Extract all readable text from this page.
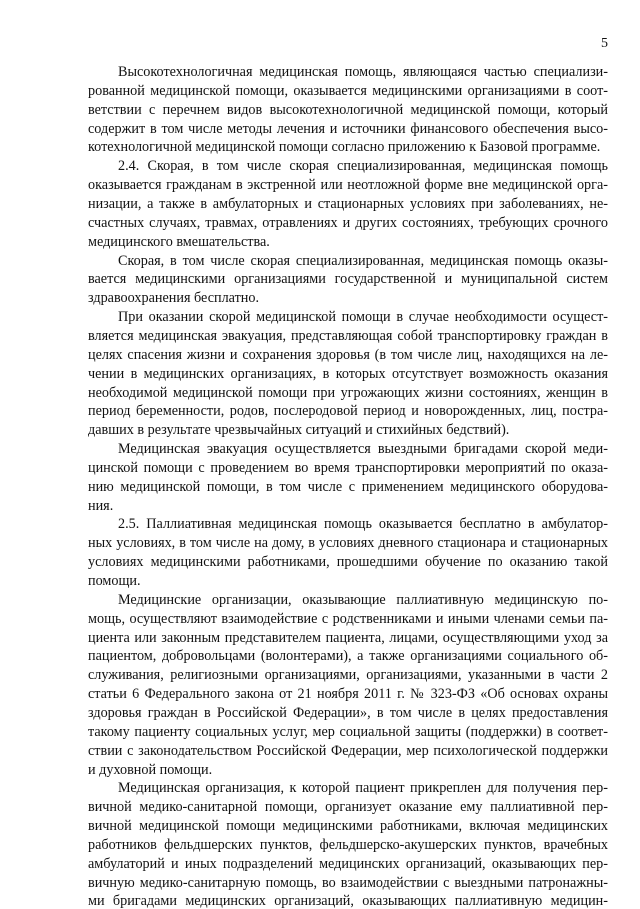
5
Высокотехнологичная медицинская помощь, являющаяся частью специализи-
рованной медицинской помощи, оказывается медицинскими организациями в соот-
ветствии с перечнем видов высокотехнологичной медицинской помощи, который
содержит в том числе методы лечения и источники финансового обеспечения высо-
котехнологичной медицинской помощи согласно приложению к Базовой программе.
2.4. Скорая, в том числе скорая специализированная, медицинская помощь
оказывается гражданам в экстренной или неотложной форме вне медицинской орга-
низации, а также в амбулаторных и стационарных условиях при заболеваниях, не-
счастных случаях, травмах, отравлениях и других состояниях, требующих срочного
медицинского вмешательства.
Скорая, в том числе скорая специализированная, медицинская помощь оказы-
вается медицинскими организациями государственной и муниципальной систем
здравоохранения бесплатно.
При оказании скорой медицинской помощи в случае необходимости осущест-
вляется медицинская эвакуация, представляющая собой транспортировку граждан в
целях спасения жизни и сохранения здоровья (в том числе лиц, находящихся на ле-
чении в медицинских организациях, в которых отсутствует возможность оказания
необходимой медицинской помощи при угрожающих жизни состояниях, женщин в
период беременности, родов, послеродовой период и новорожденных, лиц, постра-
давших в результате чрезвычайных ситуаций и стихийных бедствий).
Медицинская эвакуация осуществляется выездными бригадами скорой меди-
цинской помощи с проведением во время транспортировки мероприятий по оказа-
нию медицинской помощи, в том числе с применением медицинского оборудова-
ния.
2.5. Паллиативная медицинская помощь оказывается бесплатно в амбулатор-
ных условиях, в том числе на дому, в условиях дневного стационара и стационарных
условиях медицинскими работниками, прошедшими обучение по оказанию такой
помощи.
Медицинские организации, оказывающие паллиативную медицинскую по-
мощь, осуществляют взаимодействие с родственниками и иными членами семьи па-
циента или законным представителем пациента, лицами, осуществляющими уход за
пациентом, добровольцами (волонтерами), а также организациями социального об-
служивания, религиозными организациями, организациями, указанными в части 2
статьи 6 Федерального закона от 21 ноября 2011 г. № 323-ФЗ «Об основах охраны
здоровья граждан в Российской Федерации», в том числе в целях предоставления
такому пациенту социальных услуг, мер социальной защиты (поддержки) в соответ-
ствии с законодательством Российской Федерации, мер психологической поддержки
и духовной помощи.
Медицинская организация, к которой пациент прикреплен для получения пер-
вичной медико-санитарной помощи, организует оказание ему паллиативной пер-
вичной медицинской помощи медицинскими работниками, включая медицинских
работников фельдшерских пунктов, фельдшерско-акушерских пунктов, врачебных
амбулаторий и иных подразделений медицинских организаций, оказывающих пер-
вичную медико-санитарную помощь, во взаимодействии с выездными патронажны-
ми бригадами медицинских организаций, оказывающих паллиативную медицин-
